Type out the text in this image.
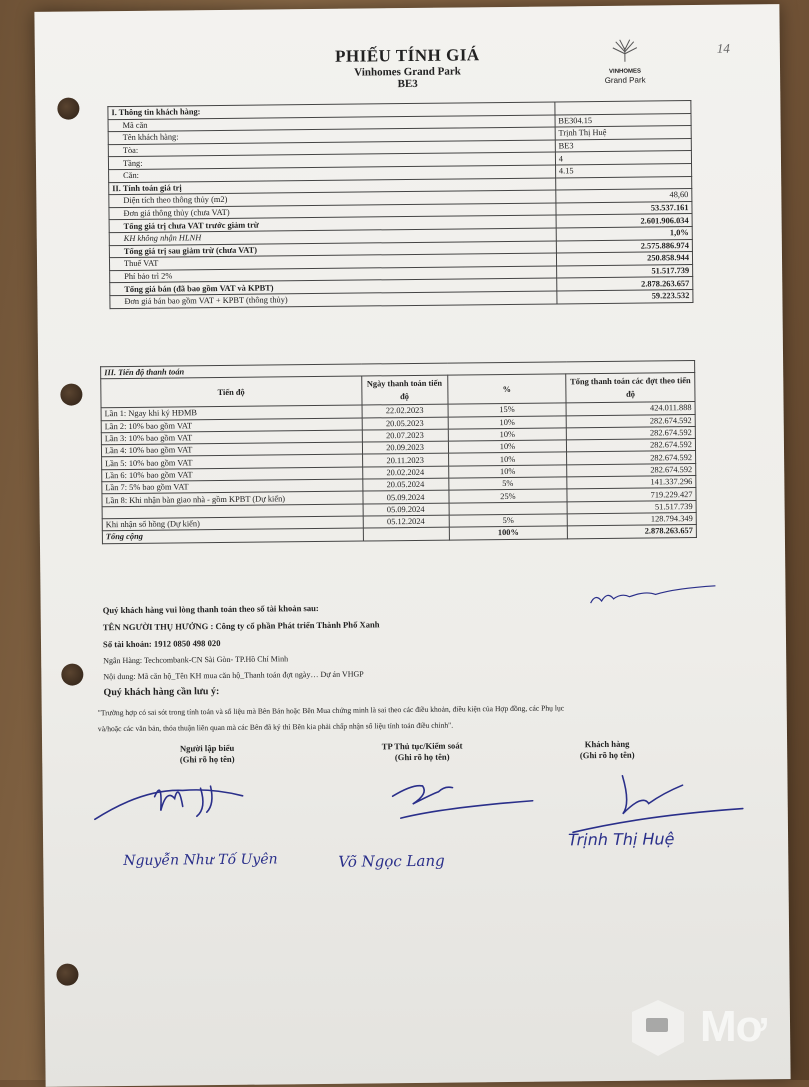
PHIẾU TÍNH GIÁ
Vinhomes Grand Park
BE3
VINHOMES
Grand Park
14
I. Thông tin khách hàng:	
Mã căn	BE304.15
Tên khách hàng:	Trịnh Thị Huệ
Tòa:	BE3
Tầng:	4
Căn:	4.15
II. Tính toán giá trị	
Diện tích theo thông thủy (m2)	48,60
Đơn giá thông thủy (chưa VAT)	53.537.161
Tổng giá trị chưa VAT trước giảm trừ	2.601.906.034
KH không nhận HLNH	1,0%
Tổng giá trị sau giảm trừ (chưa VAT)	2.575.886.974
Thuế VAT	250.858.944
Phí bảo trì 2%	51.517.739
Tổng giá bán (đã bao gồm VAT và KPBT)	2.878.263.657
Đơn giá bán bao gồm VAT + KPBT (thông thủy)	59.223.532
III. Tiến độ thanh toán			
Tiến độ	Ngày thanh toán tiến độ	%	Tổng thanh toán các đợt theo tiến độ
Lần 1: Ngay khi ký HĐMB	22.02.2023	15%	424.011.888
Lần 2: 10% bao gồm VAT	20.05.2023	10%	282.674.592
Lần 3: 10% bao gồm VAT	20.07.2023	10%	282.674.592
Lần 4: 10% bao gồm VAT	20.09.2023	10%	282.674.592
Lần 5: 10% bao gồm VAT	20.11.2023	10%	282.674.592
Lần 6: 10% bao gồm VAT	20.02.2024	10%	282.674.592
Lần 7: 5% bao gồm VAT	20.05.2024	5%	141.337.296
Lần 8: Khi nhận bàn giao nhà - gồm KPBT (Dự kiến)	05.09.2024	25%	719.229.427
	05.09.2024		51.517.739
Khi nhận sổ hồng (Dự kiến)	05.12.2024	5%	128.794.349
Tổng cộng		100%	2.878.263.657
Quý khách hàng vui lòng thanh toán theo số tài khoản sau:
TÊN NGƯỜI THỤ HƯỞNG : Công ty cổ phần Phát triển Thành Phố Xanh
Số tài khoản: 1912 0850 498 020
Ngân Hàng: Techcombank-CN Sài Gòn- TP.Hồ Chí Minh
Nội dung: Mã căn hộ_Tên KH mua căn hộ_Thanh toán đợt ngày… Dự án VHGP
Quý khách hàng cần lưu ý:
"Trường hợp có sai sót trong tính toán và số liệu mà Bên Bán hoặc Bên Mua chứng minh là sai theo các điều khoản, điều kiện của Hợp đồng, các Phụ lục
và/hoặc các văn bản, thỏa thuận liên quan mà các Bên đã ký thì Bên kia phải chấp nhận số liệu tính toán điều chỉnh".
Người lập biểu
(Ghi rõ họ tên)
TP Thủ tục/Kiểm soát
(Ghi rõ họ tên)
Khách hàng
(Ghi rõ họ tên)
Nguyễn Như Tố Uyên	Võ Ngọc Lang
Trịnh Thị Huệ
Mơ
